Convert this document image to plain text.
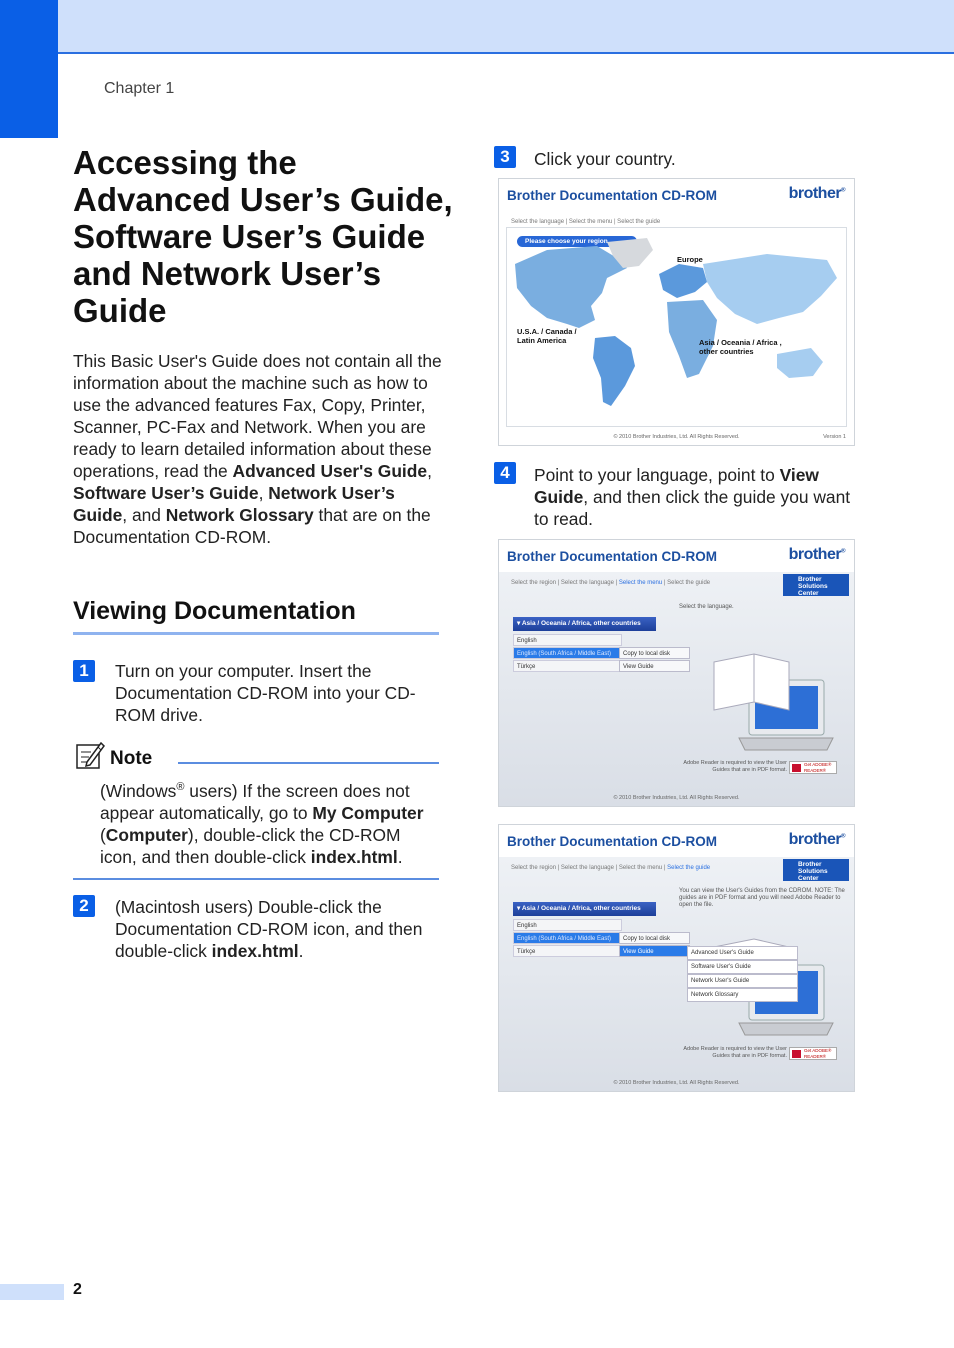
Chapter 1
Accessing the Advanced User’s Guide, Software User’s Guide and Network User’s Guide

This Basic User's Guide does not contain all the information about the machine such as how to use the advanced features Fax, Copy, Printer, Scanner, PC-Fax and Network. When you are ready to learn detailed information about these operations, read the Advanced User's Guide, Software User’s Guide, Network User’s Guide, and Network Glossary that are on the Documentation CD-ROM.

Viewing Documentation
1	Turn on your computer. Insert the Documentation CD-ROM into your CD-ROM drive.

Note

(Windows® users) If the screen does not appear automatically, go to My Computer (Computer), double-click the CD-ROM icon, and then double-click index.html.

2	(Macintosh users) Double-click the Documentation CD-ROM icon, and then double-click index.html.

3	Click your country.

Brother Documentation CD-ROM	brother®
Select the language | Select the menu | Select the guide
Please choose your region
Europe
U.S.A. / Canada / Latin America	Asia / Oceania / Africa , other countries
© 2010 Brother Industries, Ltd. All Rights Reserved.	Version 1
4	Point to your language, point to View Guide, and then click the guide you want to read.

Brother Documentation CD-ROM	brother®
Select the region | Select the language | Select the menu | Select the guide	Brother Solutions Center
Select the language.
▾ Asia / Oceania / Africa, other countries
English
English (South Africa / Middle East)
Türkçe
Copy to local disk
View Guide
Adobe Reader is required to view the User Guides that are in PDF format.
Get ADOBE® READER®
© 2010 Brother Industries, Ltd. All Rights Reserved.
Brother Documentation CD-ROM	brother®
Select the region | Select the language | Select the menu | Select the guide	Brother Solutions Center
You can view the User's Guides from the CDROM. NOTE: The guides are in PDF format and you will need Adobe Reader to open the file.
▾ Asia / Oceania / Africa, other countries
English
English (South Africa / Middle East)
Türkçe
Copy to local disk
View Guide	Advanced User's Guide
Software User's Guide
Network User's Guide
Network Glossary
Adobe Reader is required to view the User Guides that are in PDF format.
Get ADOBE® READER®
© 2010 Brother Industries, Ltd. All Rights Reserved.
2
